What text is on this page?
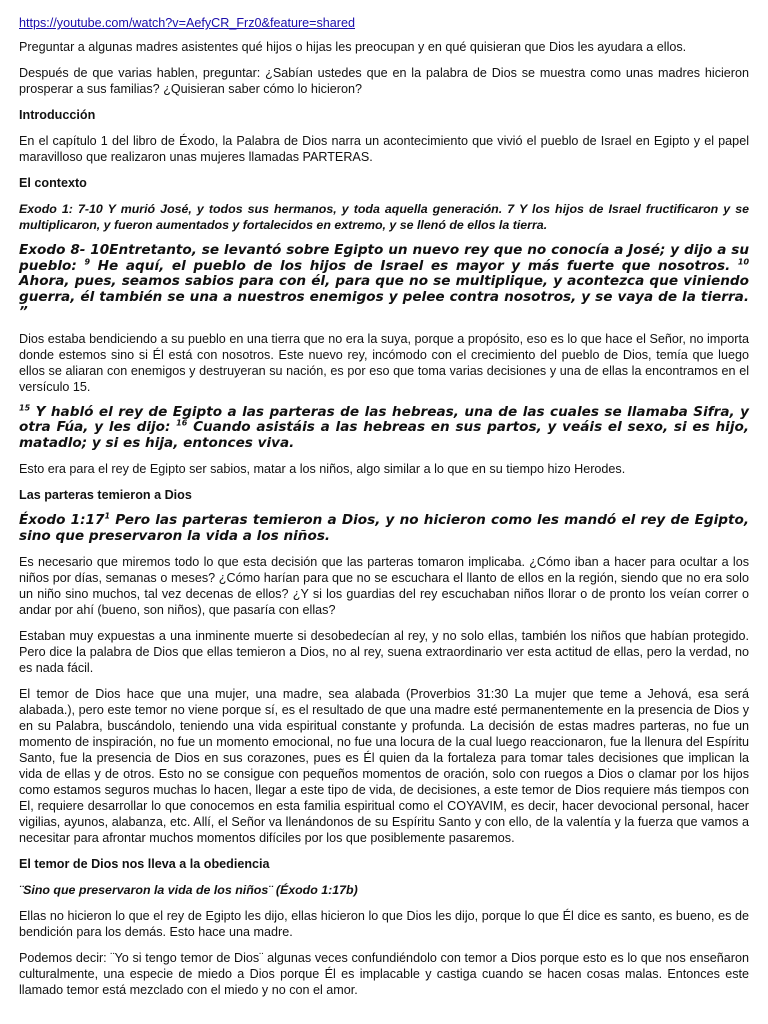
https://youtube.com/watch?v=AefyCR_Frz0&feature=shared

Preguntar a algunas madres asistentes qué hijos o hijas les preocupan y en qué quisieran que Dios les ayudara a ellos.

Después de que varias hablen, preguntar: ¿Sabían ustedes que en la palabra de Dios se muestra como unas madres hicieron prosperar a sus familias? ¿Quisieran saber cómo lo hicieron?

Introducción

En el capítulo 1 del libro de Éxodo, la Palabra de Dios narra un acontecimiento que vivió el pueblo de Israel en Egipto y el papel maravilloso que realizaron unas mujeres llamadas PARTERAS.

El contexto
Exodo 1: 7-10 Y murió José, y todos sus hermanos, y toda aquella generación. 7 Y los hijos de Israel fructificaron y se multiplicaron, y fueron aumentados y fortalecidos en extremo, y se llenó de ellos la tierra.
Exodo 8- 10Entretanto, se levantó sobre Egipto un nuevo rey que no conocía a José; y dijo a su pueblo: $^9$ He aquí, el pueblo de los hijos de Israel es mayor y más fuerte que nosotros. $^{10}$ Ahora, pues, seamos sabios para con él, para que no se multiplique, y acontezca que viniendo guerra, él también se una a nuestros enemigos y pelee contra nosotros, y se vaya de la tierra. ”

Dios estaba bendiciendo a su pueblo en una tierra que no era la suya, porque a propósito, eso es lo que hace el Señor, no importa donde estemos sino si Él está con nosotros. Este nuevo rey, incómodo con el crecimiento del pueblo de Dios, temía que luego ellos se aliaran con enemigos y destruyeran su nación, es por eso que toma varias decisiones y una de ellas la encontramos en el versículo 15.

$^{15}$ Y habló el rey de Egipto a las parteras de las hebreas, una de las cuales se llamaba Sifra, y otra Fúa, y les dijo: $^{16}$ Cuando asistáis a las hebreas en sus partos, y veáis el sexo, si es hijo, matadlo; y si es hija, entonces viva.

Esto era para el rey de Egipto ser sabios, matar a los niños, algo similar a lo que en su tiempo hizo Herodes.

Las parteras temieron a Dios
Éxodo $1:17^1$ Pero las parteras temieron a Dios, y no hicieron como les mandó el rey de Egipto, sino que preservaron la vida a los niños.

Es necesario que miremos todo lo que esta decisión que las parteras tomaron implicaba. ¿Cómo iban a hacer para ocultar a los niños por días, semanas o meses? ¿Cómo harían para que no se escuchara el llanto de ellos en la región, siendo que no era solo un niño sino muchos, tal vez decenas de ellos? ¿Y si los guardias del rey escuchaban niños llorar o de pronto los veían correr o andar por ahí (bueno, son niños), que pasaría con ellas?

Estaban muy expuestas a una inminente muerte si desobedecían al rey, y no solo ellas, también los niños que habían protegido. Pero dice la palabra de Dios que ellas temieron a Dios, no al rey, suena extraordinario ver esta actitud de ellas, pero la verdad, no es nada fácil.

El temor de Dios hace que una mujer, una madre, sea alabada (Proverbios 31:30 La mujer que teme a Jehová, esa será alabada.), pero este temor no viene porque sí, es el resultado de que una madre esté permanentemente en la presencia de Dios y en su Palabra, buscándolo, teniendo una vida espiritual constante y profunda. La decisión de estas madres parteras, no fue un momento de inspiración, no fue un momento emocional, no fue una locura de la cual luego reaccionaron, fue la llenura del Espíritu Santo, fue la presencia de Dios en sus corazones, pues es Él quien da la fortaleza para tomar tales decisiones que implican la vida de ellas y de otros. Esto no se consigue con pequeños momentos de oración, solo con ruegos a Dios o clamar por los hijos como estamos seguros muchas lo hacen, llegar a este tipo de vida, de decisiones, a este temor de Dios requiere más tiempos con El, requiere desarrollar lo que conocemos en esta familia espiritual como el COYAVIM, es decir, hacer devocional personal, hacer vigilias, ayunos, alabanza, etc. Allí, el Señor va llenándonos de su Espíritu Santo y con ello, de la valentía y la fuerza que vamos a necesitar para afrontar muchos momentos difíciles por los que posiblemente pasaremos.

El temor de Dios nos lleva a la obediencia
¨Sino que preservaron la vida de los niños¨ (Éxodo 1:17b)

Ellas no hicieron lo que el rey de Egipto les dijo, ellas hicieron lo que Dios les dijo, porque lo que Él dice es santo, es bueno, es de bendición para los demás. Esto hace una madre.

Podemos decir: ¨Yo si tengo temor de Dios¨ algunas veces confundiéndolo con temor a Dios porque esto es lo que nos enseñaron culturalmente, una especie de miedo a Dios porque Él es implacable y castiga cuando se hacen cosas malas. Entonces este llamado temor está mezclado con el miedo y no con el amor.
